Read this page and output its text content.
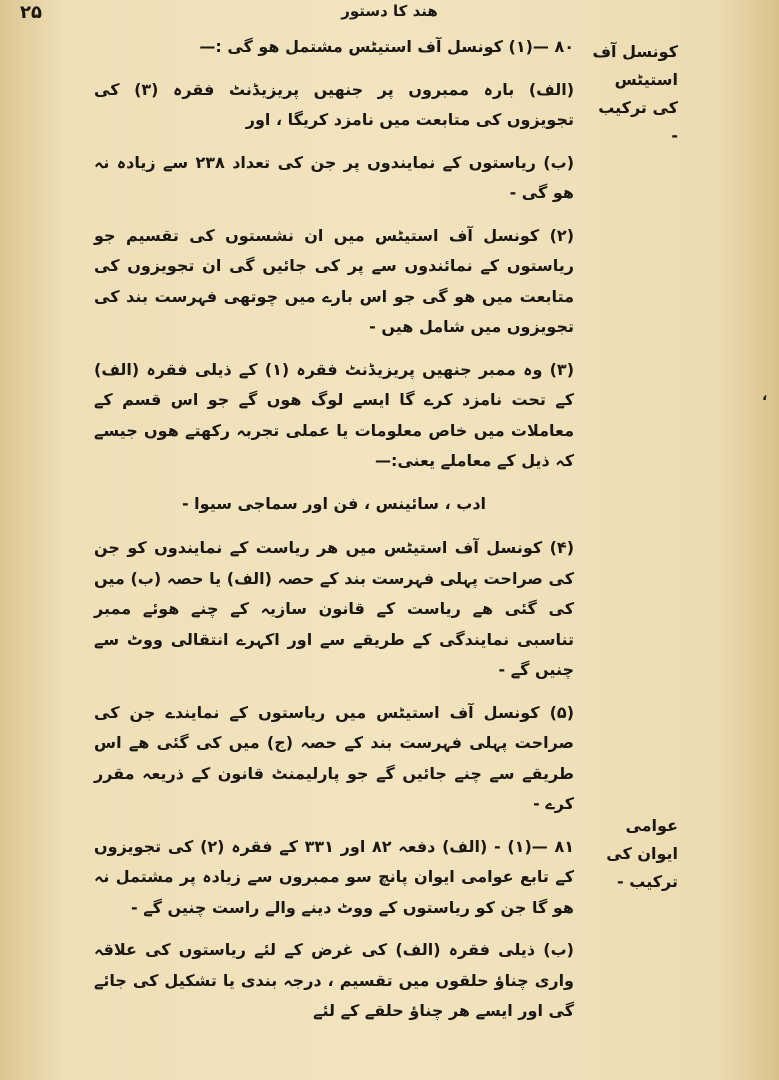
۲۵	ھند کا دستور
کونسل آف استیٹس کی ترکیب -
عوامی ایوان کی ترکیب -
،

۸۰ —(۱) کونسل آف استیٹس مشتمل ھو گی :—

(الف) بارہ ممبروں پر جنھیں پریزیڈنٹ فقرہ (۳) کی تجویزوں کی متابعت میں نامزد کریگا ، اور

(ب) ریاستوں کے نمایندوں پر جن کی تعداد ۲۳۸ سے زیادہ نہ ھو گی -

(۲) کونسل آف استیٹس میں ان نشستوں کی تقسیم جو ریاستوں کے نمائندوں سے پر کی جائیں گی ان تجویزوں کی متابعت میں ھو گی جو اس بارے میں چوتھی فہرست بند کی تجویزوں میں شامل ھیں -

(۳) وہ ممبر جنھیں پریزیڈنٹ فقرہ (۱) کے ذیلی فقرہ (الف) کے تحت نامزد کرے گا ایسے لوگ ھوں گے جو اس قسم کے معاملات میں خاص معلومات یا عملی تجربہ رکھتے ھوں جیسے کہ ذیل کے معاملے یعنی:—

ادب ، سائینس ، فن اور سماجی سیوا -

(۴) کونسل آف استیٹس میں ھر ریاست کے نمایندوں کو جن کی صراحت پہلی فہرست بند کے حصہ (الف) یا حصہ (ب) میں کی گئی ھے ریاست کے قانون سازیہ کے چنے ھوئے ممبر تناسبی نمایندگی کے طریقے سے اور اکہرے انتقالی ووٹ سے چنیں گے -

(۵) کونسل آف استیٹس میں ریاستوں کے نمایندے جن کی صراحت پہلی فہرست بند کے حصہ (ج) میں کی گئی ھے اس طریقے سے چنے جائیں گے جو پارلیمنٹ قانون کے ذریعہ مقرر کرے -

۸۱ —(۱) - (الف) دفعہ ۸۲ اور ۳۳۱ کے فقرہ (۲) کی تجویزوں کے تابع عوامی ایوان پانچ سو ممبروں سے زیادہ پر مشتمل نہ ھو گا جن کو ریاستوں کے ووٹ دینے والے راست چنیں گے -

(ب) ذیلی فقرہ (الف) کی غرض کے لئے ریاستوں کی علاقہ واری چناؤ حلقوں میں تقسیم ، درجہ بندی یا تشکیل کی جائے گی اور ایسے ھر چناؤ حلقے کے لئے
